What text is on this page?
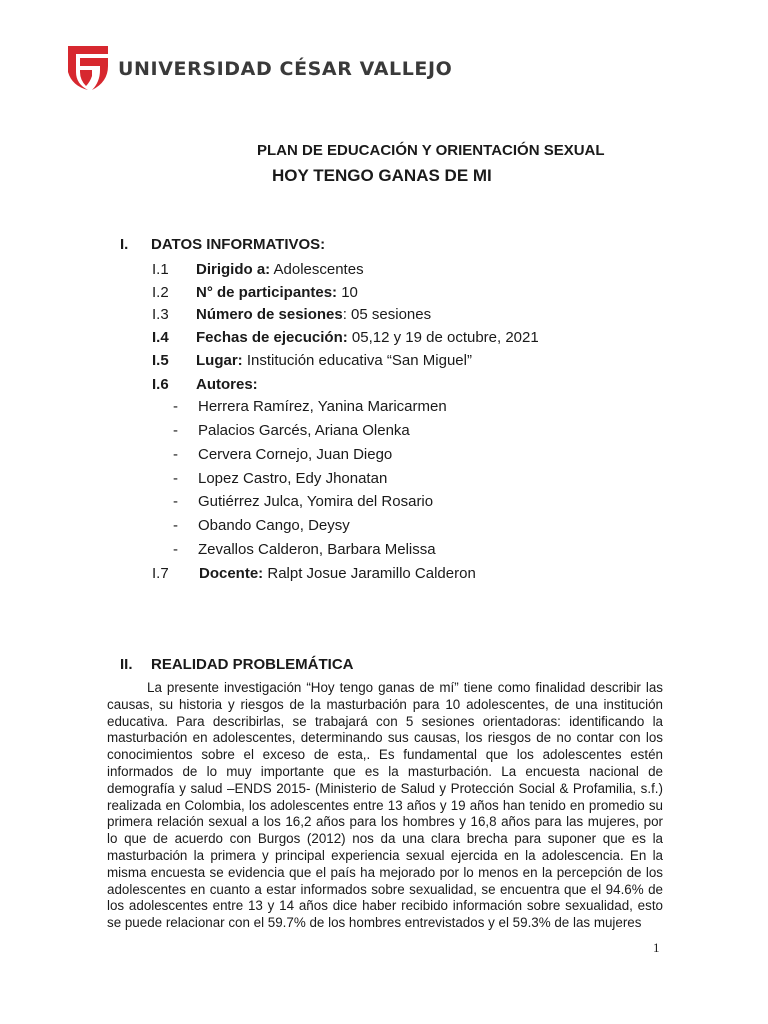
UNIVERSIDAD CÉSAR VALLEJO
PLAN DE EDUCACIÓN Y ORIENTACIÓN SEXUAL
HOY TENGO GANAS DE MI
I. DATOS INFORMATIVOS:
I.1 Dirigido a: Adolescentes
I.2 N° de participantes: 10
I.3 Número de sesiones: 05 sesiones
I.4 Fechas de ejecución: 05,12 y 19 de octubre, 2021
I.5 Lugar: Institución educativa “San Miguel”
I.6 Autores:
- Herrera Ramírez, Yanina Maricarmen
- Palacios Garcés, Ariana Olenka
- Cervera Cornejo, Juan Diego
- Lopez Castro, Edy Jhonatan
- Gutiérrez Julca, Yomira del Rosario
- Obando Cango, Deysy
- Zevallos Calderon, Barbara Melissa
I.7 Docente: Ralpt Josue Jaramillo Calderon
II. REALIDAD PROBLEMÁTICA

La presente investigación “Hoy tengo ganas de mí” tiene como finalidad describir las causas, su historia y riesgos de la masturbación para 10 adolescentes, de una institución educativa. Para describirlas, se trabajará con 5 sesiones orientadoras: identificando la masturbación en adolescentes, determinando sus causas, los riesgos de no contar con los conocimientos sobre el exceso de esta,. Es fundamental que los adolescentes estén informados de lo muy importante que es la masturbación. La encuesta nacional de demografía y salud –ENDS 2015- (Ministerio de Salud y Protección Social & Profamilia, s.f.) realizada en Colombia, los adolescentes entre 13 años y 19 años han tenido en promedio su primera relación sexual a los 16,2 años para los hombres y 16,8 años para las mujeres, por lo que de acuerdo con Burgos (2012) nos da una clara brecha para suponer que es la masturbación la primera y principal experiencia sexual ejercida en la adolescencia. En la misma encuesta se evidencia que el país ha mejorado por lo menos en la percepción de los adolescentes en cuanto a estar informados sobre sexualidad, se encuentra que el 94.6% de los adolescentes entre 13 y 14 años dice haber recibido información sobre sexualidad, esto se puede relacionar con el 59.7% de los hombres entrevistados y el 59.3% de las mujeres

1
